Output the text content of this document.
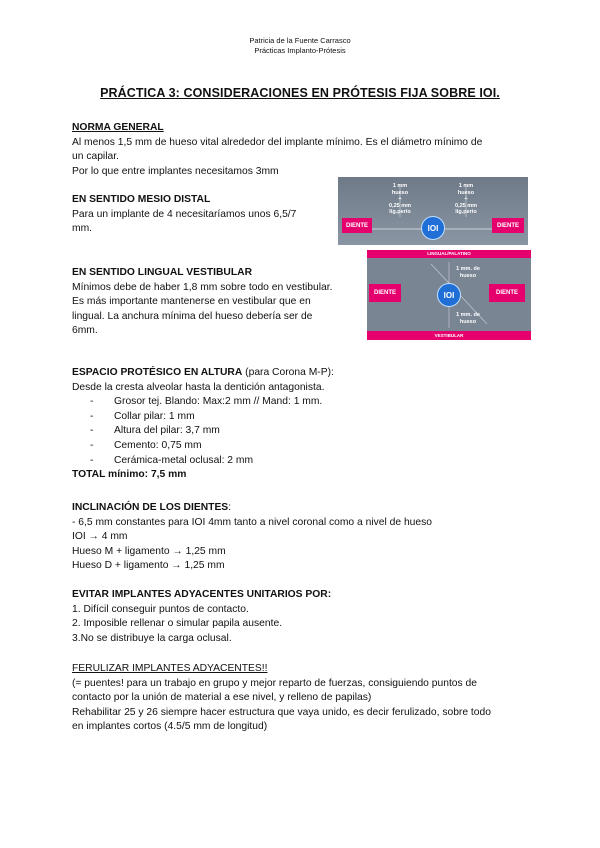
Patricia de la Fuente Carrasco
Prácticas Implanto-Prótesis
PRÁCTICA 3: CONSIDERACIONES EN PRÓTESIS FIJA SOBRE IOI.
NORMA GENERAL
Al menos 1,5 mm de hueso vital alrededor del implante mínimo. Es el diámetro mínimo de
un capilar.
Por lo que entre implantes necesitamos 3mm
EN SENTIDO MESIO DISTAL
Para un implante de 4 necesitaríamos unos 6,5/7
mm.
1 mm
hueso
+
0,25 mm
lig.perio
1 mm
hueso
+
0,25 mm
lig.perio
DIENTE	DIENTE
IOI
EN SENTIDO LINGUAL VESTIBULAR
Mínimos debe de haber 1,8 mm sobre todo en vestibular.
Es más importante mantenerse en vestibular que en
lingual. La anchura mínima del hueso debería ser de
6mm.
LINGUAL/PALATINO
VESTIBULAR
1 mm. de
hueso
1 mm. de
hueso
DIENTE	DIENTE
IOI
ESPACIO PROTÉSICO EN ALTURA (para Corona M-P):
Desde la cresta alveolar hasta la dentición antagonista.
- Grosor tej. Blando: Max:2 mm // Mand: 1 mm.
- Collar pilar: 1 mm
- Altura del pilar: 3,7 mm
- Cemento: 0,75 mm
- Cerámica-metal oclusal: 2 mm
TOTAL mínimo: 7,5 mm
INCLINACIÓN DE LOS DIENTES:
- 6,5 mm constantes para IOI 4mm tanto a nivel coronal como a nivel de hueso
IOI → 4 mm
Hueso M + ligamento → 1,25 mm
Hueso D + ligamento → 1,25 mm
EVITAR IMPLANTES ADYACENTES UNITARIOS POR:
1. Difícil conseguir puntos de contacto.
2. Imposible rellenar o simular papila ausente.
3.No se distribuye la carga oclusal.
FERULIZAR IMPLANTES ADYACENTES!!
(= puentes! para un trabajo en grupo y mejor reparto de fuerzas, consiguiendo puntos de
contacto por la unión de material a ese nivel, y relleno de papilas)
Rehabilitar 25 y 26 siempre hacer estructura que vaya unido, es decir ferulizado, sobre todo
en implantes cortos (4.5/5 mm de longitud)
